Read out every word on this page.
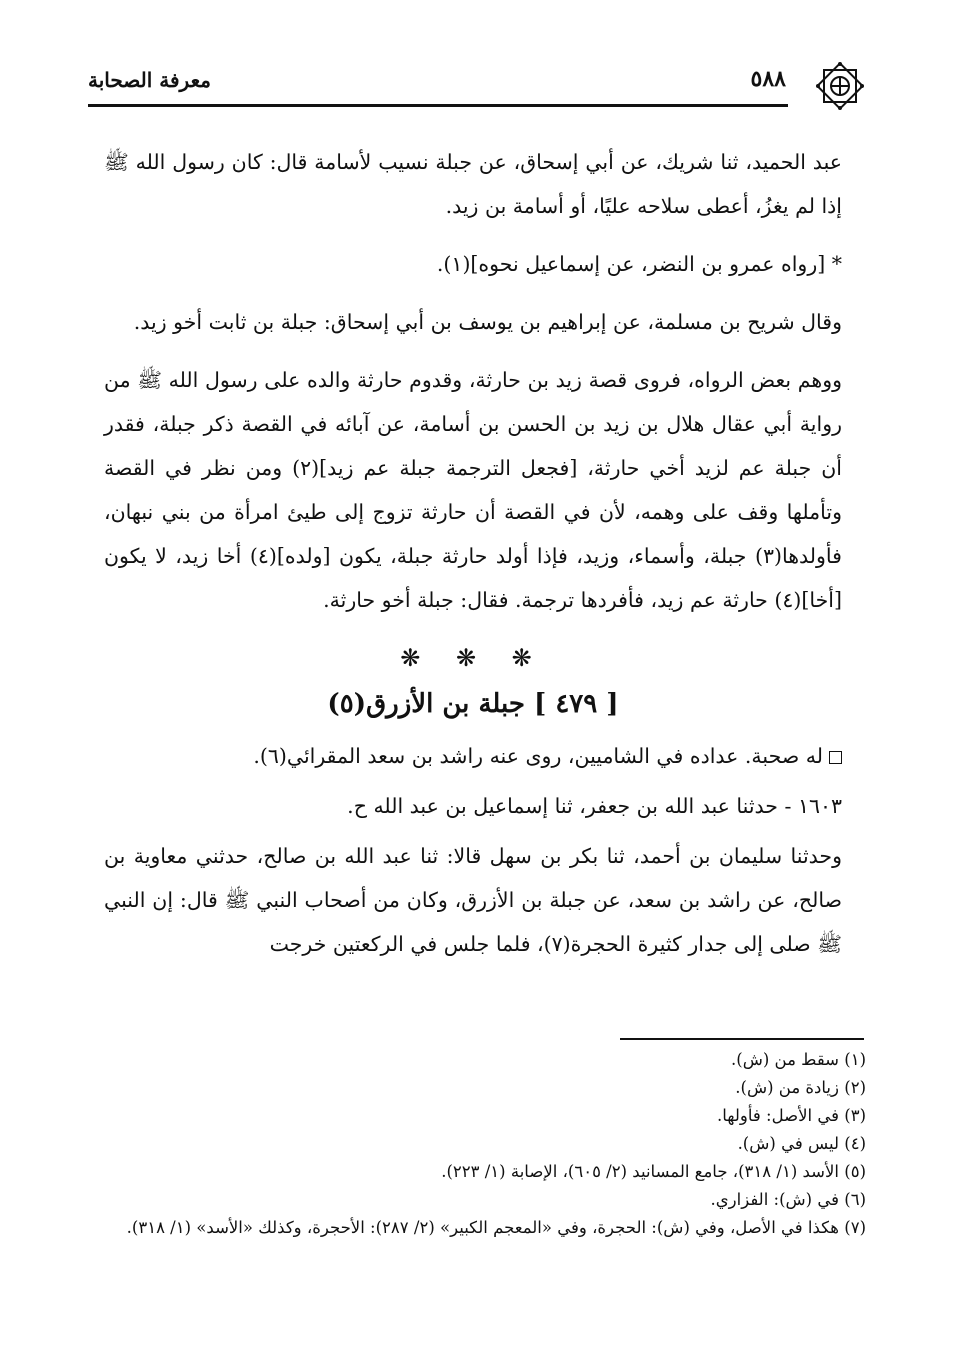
٥٨٨
معرفة الصحابة

عبد الحميد، ثنا شريك، عن أبي إسحاق، عن جبلة نسيب لأسامة قال: كان رسول الله ﷺ إذا لم يغزُ، أعطى سلاحه عليًا، أو أسامة بن زيد.

* [رواه عمرو بن النضر، عن إسماعيل نحوه](١).

وقال شريح بن مسلمة، عن إبراهيم بن يوسف بن أبي إسحاق: جبلة بن ثابت أخو زيد.

ووهم بعض الرواه، فروى قصة زيد بن حارثة، وقدوم حارثة والده على رسول الله ﷺ من رواية أبي عقال هلال بن زيد بن الحسن بن أسامة، عن آبائه في القصة ذكر جبلة، فقدر أن جبلة عم لزيد أخي حارثة، [فجعل الترجمة جبلة عم زيد](٢) ومن نظر في القصة وتأملها وقف على وهمه، لأن في القصة أن حارثة تزوج إلى طيئ امرأة من بني نبهان، فأولدها(٣) جبلة، وأسماء، وزيد، فإذا أولد حارثة جبلة، يكون [ولده](٤) أخا زيد، لا يكون [أخا](٤) حارثة عم زيد، فأفردها ترجمة. فقال: جبلة أخو حارثة.

❋ ❋ ❋

[ ٤٧٩ ] جبلة بن الأزرق(٥)

له صحبة. عداده في الشاميين، روى عنه راشد بن سعد المقرائي(٦).

١٦٠٣ - حدثنا عبد الله بن جعفر، ثنا إسماعيل بن عبد الله ح.

وحدثنا سليمان بن أحمد، ثنا بكر بن سهل قالا: ثنا عبد الله بن صالح، حدثني معاوية بن صالح، عن راشد بن سعد، عن جبلة بن الأزرق، وكان من أصحاب النبي ﷺ قال: إن النبي ﷺ صلى إلى جدار كثيرة الحجرة(٧)، فلما جلس في الركعتين خرجت

(١) سقط من (ش).
(٢) زيادة من (ش).
(٣) في الأصل: فأولها.
(٤) ليس في (ش).
(٥) الأسد (١/ ٣١٨)، جامع المسانيد (٢/ ٦٠٥)، الإصابة (١/ ٢٢٣).
(٦) في (ش): الفزاري.
(٧) هكذا في الأصل، وفي (ش): الحجرة، وفي «المعجم الكبير» (٢/ ٢٨٧): الأحجرة، وكذلك «الأسد» (١/ ٣١٨).
